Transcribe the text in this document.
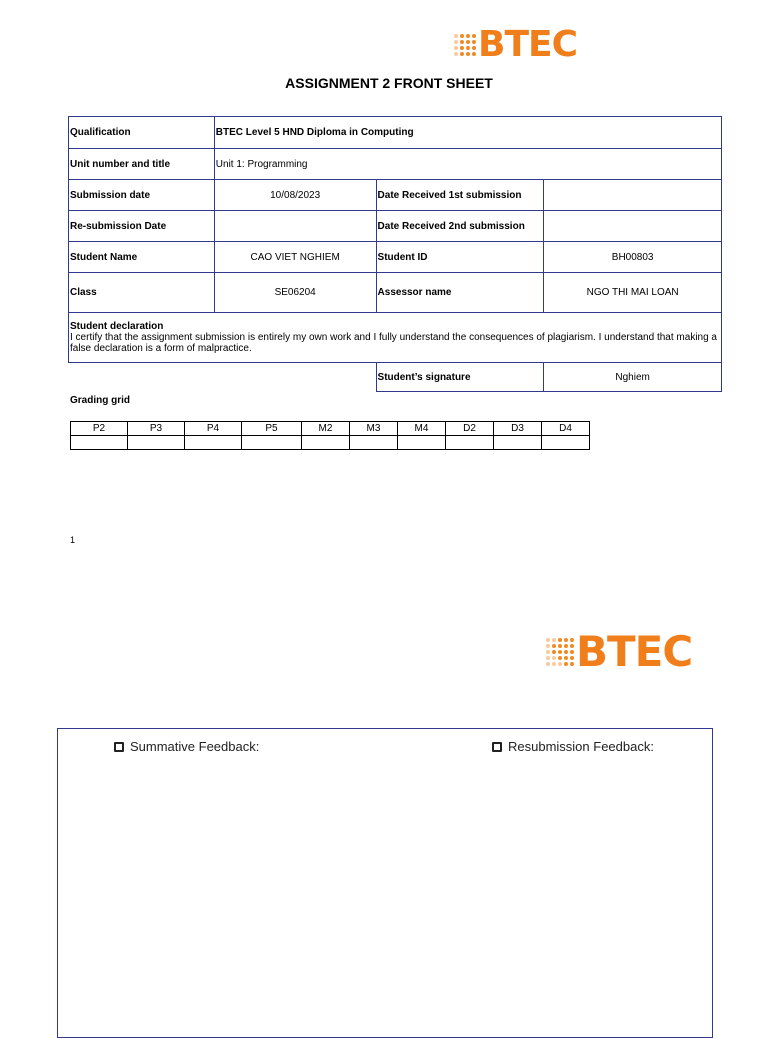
BTEC
ASSIGNMENT 2 FRONT SHEET
Qualification	BTEC Level 5 HND Diploma in Computing		
Unit number and title	Unit 1: Programming		
Submission date	10/08/2023	Date Received 1st submission	
Re-submission Date		Date Received 2nd submission	
Student Name	CAO VIET NGHIEM	Student ID	BH00803
Class	SE06204	Assessor name	NGO THI MAI LOAN

Student declaration
I certify that the assignment submission is entirely my own work and I fully understand the consequences of plagiarism. I understand that making a false declaration is a form of malpractice.			
		Student’s signature	Nghiem
Grading grid
P2	P3	P4	P5	M2	M3	M4	D2	D3	D4

1
BTEC
Summative Feedback:	Resubmission Feedback:
